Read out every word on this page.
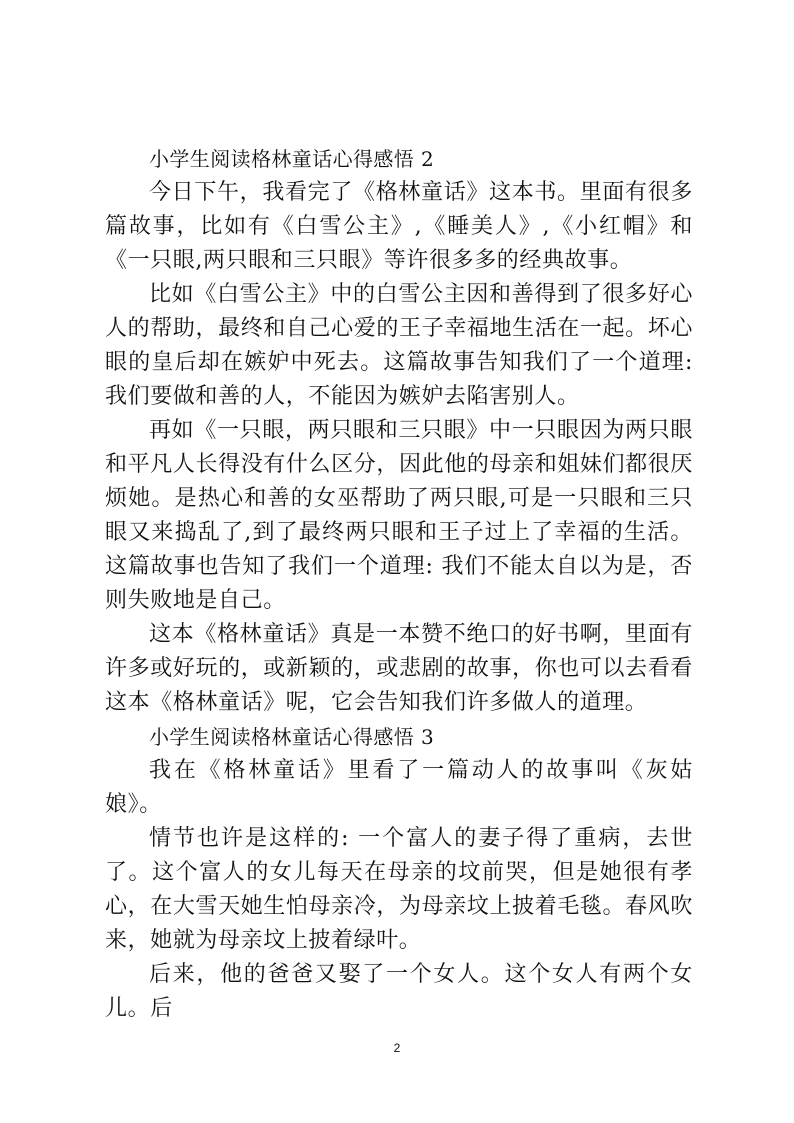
小学生阅读格林童话心得感悟 2

今日下午，我看完了《格林童话》这本书。里面有很多篇故事，比如有《白雪公主》,《睡美人》,《小红帽》和《一只眼,两只眼和三只眼》等许很多多的经典故事。

比如《白雪公主》中的白雪公主因和善得到了很多好心人的帮助，最终和自己心爱的王子幸福地生活在一起。坏心眼的皇后却在嫉妒中死去。这篇故事告知我们了一个道理: 我们要做和善的人，不能因为嫉妒去陷害别人。

再如《一只眼，两只眼和三只眼》中一只眼因为两只眼和平凡人长得没有什么区分，因此他的母亲和姐妹们都很厌烦她。是热心和善的女巫帮助了两只眼,可是一只眼和三只眼又来捣乱了,到了最终两只眼和王子过上了幸福的生活。这篇故事也告知了我们一个道理: 我们不能太自以为是，否则失败地是自己。

这本《格林童话》真是一本赞不绝口的好书啊，里面有许多或好玩的，或新颖的，或悲剧的故事，你也可以去看看这本《格林童话》呢，它会告知我们许多做人的道理。

小学生阅读格林童话心得感悟 3

我在《格林童话》里看了一篇动人的故事叫《灰姑娘》。

情节也许是这样的: 一个富人的妻子得了重病，去世了。这个富人的女儿每天在母亲的坟前哭，但是她很有孝心，在大雪天她生怕母亲冷，为母亲坟上披着毛毯。春风吹来，她就为母亲坟上披着绿叶。

后来，他的爸爸又娶了一个女人。这个女人有两个女儿。后

2
